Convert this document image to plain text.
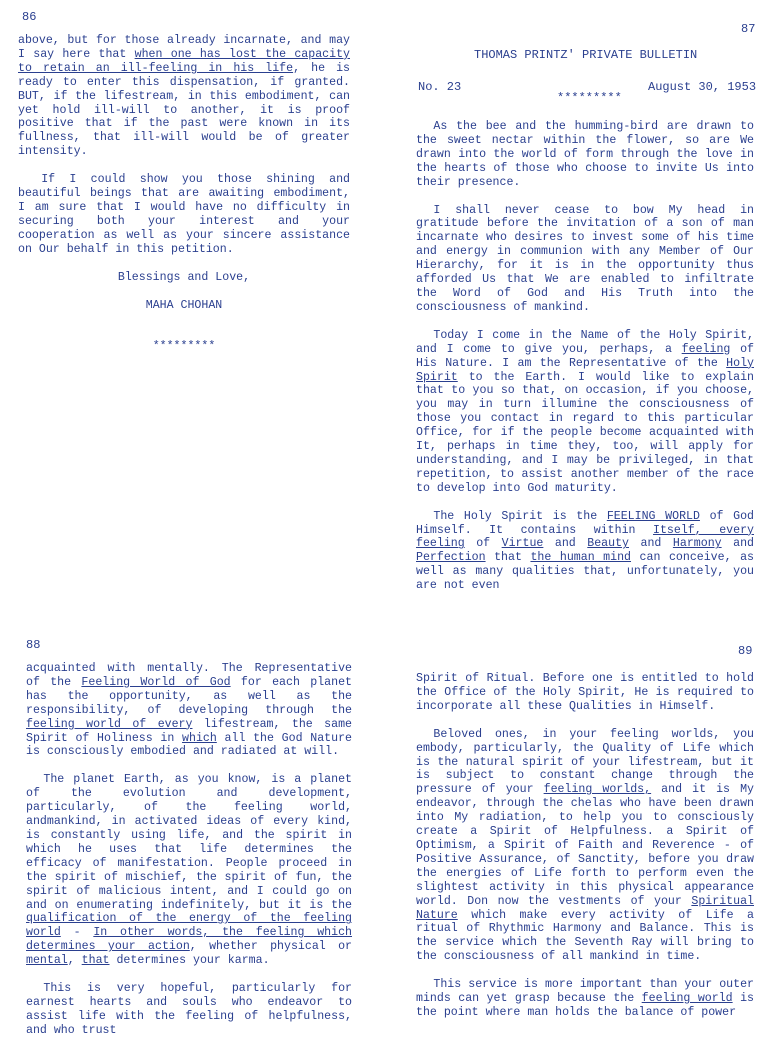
86

above, but for those already incarnate, and may I say here that when one has lost the capacity to retain an ill-feeling in his life, he is ready to enter this dispensation, if granted. BUT, if the lifestream, in this embodiment, can yet hold ill-will to another, it is proof positive that if the past were known in its fullness, that ill-will would be of greater intensity.

If I could show you those shining and beautiful beings that are awaiting embodiment, I am sure that I would have no difficulty in securing both your interest and your cooperation as well as your sincere assistance on Our behalf in this petition.

Blessings and Love,

MAHA CHOHAN

*********

87
THOMAS PRINTZ' PRIVATE BULLETIN
No. 23	August 30, 1953
*********

As the bee and the humming-bird are drawn to the sweet nectar within the flower, so are We drawn into the world of form through the love in the hearts of those who choose to invite Us into their presence.

I shall never cease to bow My head in gratitude before the invitation of a son of man incarnate who desires to invest some of his time and energy in communion with any Member of Our Hierarchy, for it is in the opportunity thus afforded Us that We are enabled to infiltrate the Word of God and His Truth into the consciousness of mankind.

Today I come in the Name of the Holy Spirit, and I come to give you, perhaps, a feeling of His Nature. I am the Representative of the Holy Spirit to the Earth. I would like to explain that to you so that, on occasion, if you choose, you may in turn illumine the consciousness of those you contact in regard to this particular Office, for if the people become acquainted with It, perhaps in time they, too, will apply for understanding, and I may be privileged, in that repetition, to assist another member of the race to develop into God maturity.

The Holy Spirit is the FEELING WORLD of God Himself. It contains within Itself, every feeling of Virtue and Beauty and Harmony and Perfection that the human mind can conceive, as well as many qualities that, unfortunately, you are not even

88

acquainted with mentally. The Representative of the Feeling World of God for each planet has the opportunity, as well as the responsibility, of developing through the feeling world of every lifestream, the same Spirit of Holiness in which all the God Nature is consciously embodied and radiated at will.

The planet Earth, as you know, is a planet of the evolution and development, particularly, of the feeling world, andmankind, in activated ideas of every kind, is constantly using life, and the spirit in which he uses that life determines the efficacy of manifestation. People proceed in the spirit of mischief, the spirit of fun, the spirit of malicious intent, and I could go on and on enumerating indefinitely, but it is the qualification of the energy of the feeling world - In other words, the feeling which determines your action, whether physical or mental, that determines your karma.

This is very hopeful, particularly for earnest hearts and souls who endeavor to assist life with the feeling of helpfulness, and who trust

89

Spirit of Ritual. Before one is entitled to hold the Office of the Holy Spirit, He is required to incorporate all these Qualities in Himself.

Beloved ones, in your feeling worlds, you embody, particularly, the Quality of Life which is the natural spirit of your lifestream, but it is subject to constant change through the pressure of your feeling worlds, and it is My endeavor, through the chelas who have been drawn into My radiation, to help you to consciously create a Spirit of Helpfulness. a Spirit of Optimism, a Spirit of Faith and Reverence - of Positive Assurance, of Sanctity, before you draw the energies of Life forth to perform even the slightest activity in this physical appearance world. Don now the vestments of your Spiritual Nature which make every activity of Life a ritual of Rhythmic Harmony and Balance. This is the service which the Seventh Ray will bring to the consciousness of all mankind in time.

This service is more important than your outer minds can yet grasp because the feeling world is the point where man holds the balance of power
